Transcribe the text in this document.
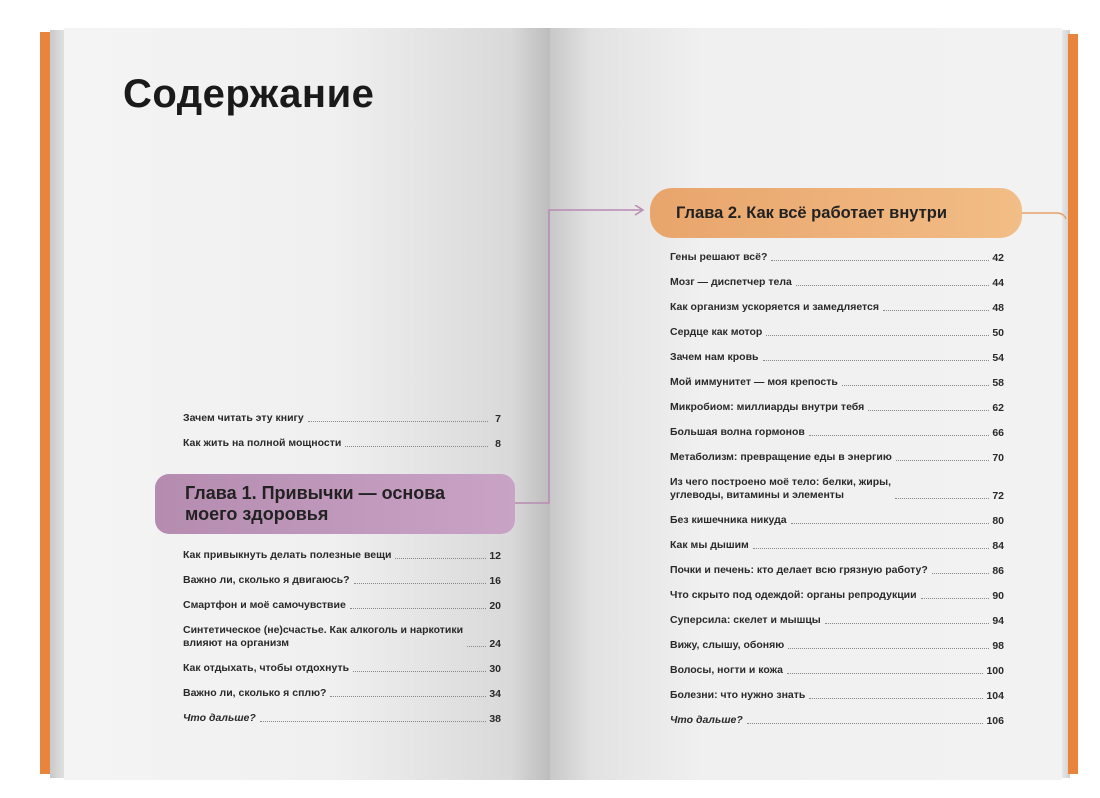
Содержание
Зачем читать эту книгу	7
Как жить на полной мощности	8
Глава 1. Привычки — основа
моего здоровья
Как привыкнуть делать полезные вещи	12
Важно ли, сколько я двигаюсь?	16
Смартфон и моё самочувствие	20
Синтетическое (не)счастье. Как алкоголь и наркотики
влияют на организм	24
Как отдыхать, чтобы отдохнуть	30
Важно ли, сколько я сплю?	34
Что дальше?	38
Глава 2. Как всё работает внутри
Гены решают всё?	42
Мозг — диспетчер тела	44
Как организм ускоряется и замедляется	48
Сердце как мотор	50
Зачем нам кровь	54
Мой иммунитет — моя крепость	58
Микробиом: миллиарды внутри тебя	62
Большая волна гормонов	66
Метаболизм: превращение еды в энергию	70
Из чего построено моё тело: белки, жиры,
углеводы, витамины и элементы	72
Без кишечника никуда	80
Как мы дышим	84
Почки и печень: кто делает всю грязную работу?	86
Что скрыто под одеждой: органы репродукции	90
Суперсила: скелет и мышцы	94
Вижу, слышу, обоняю	98
Волосы, ногти и кожа	100
Болезни: что нужно знать	104
Что дальше?	106
